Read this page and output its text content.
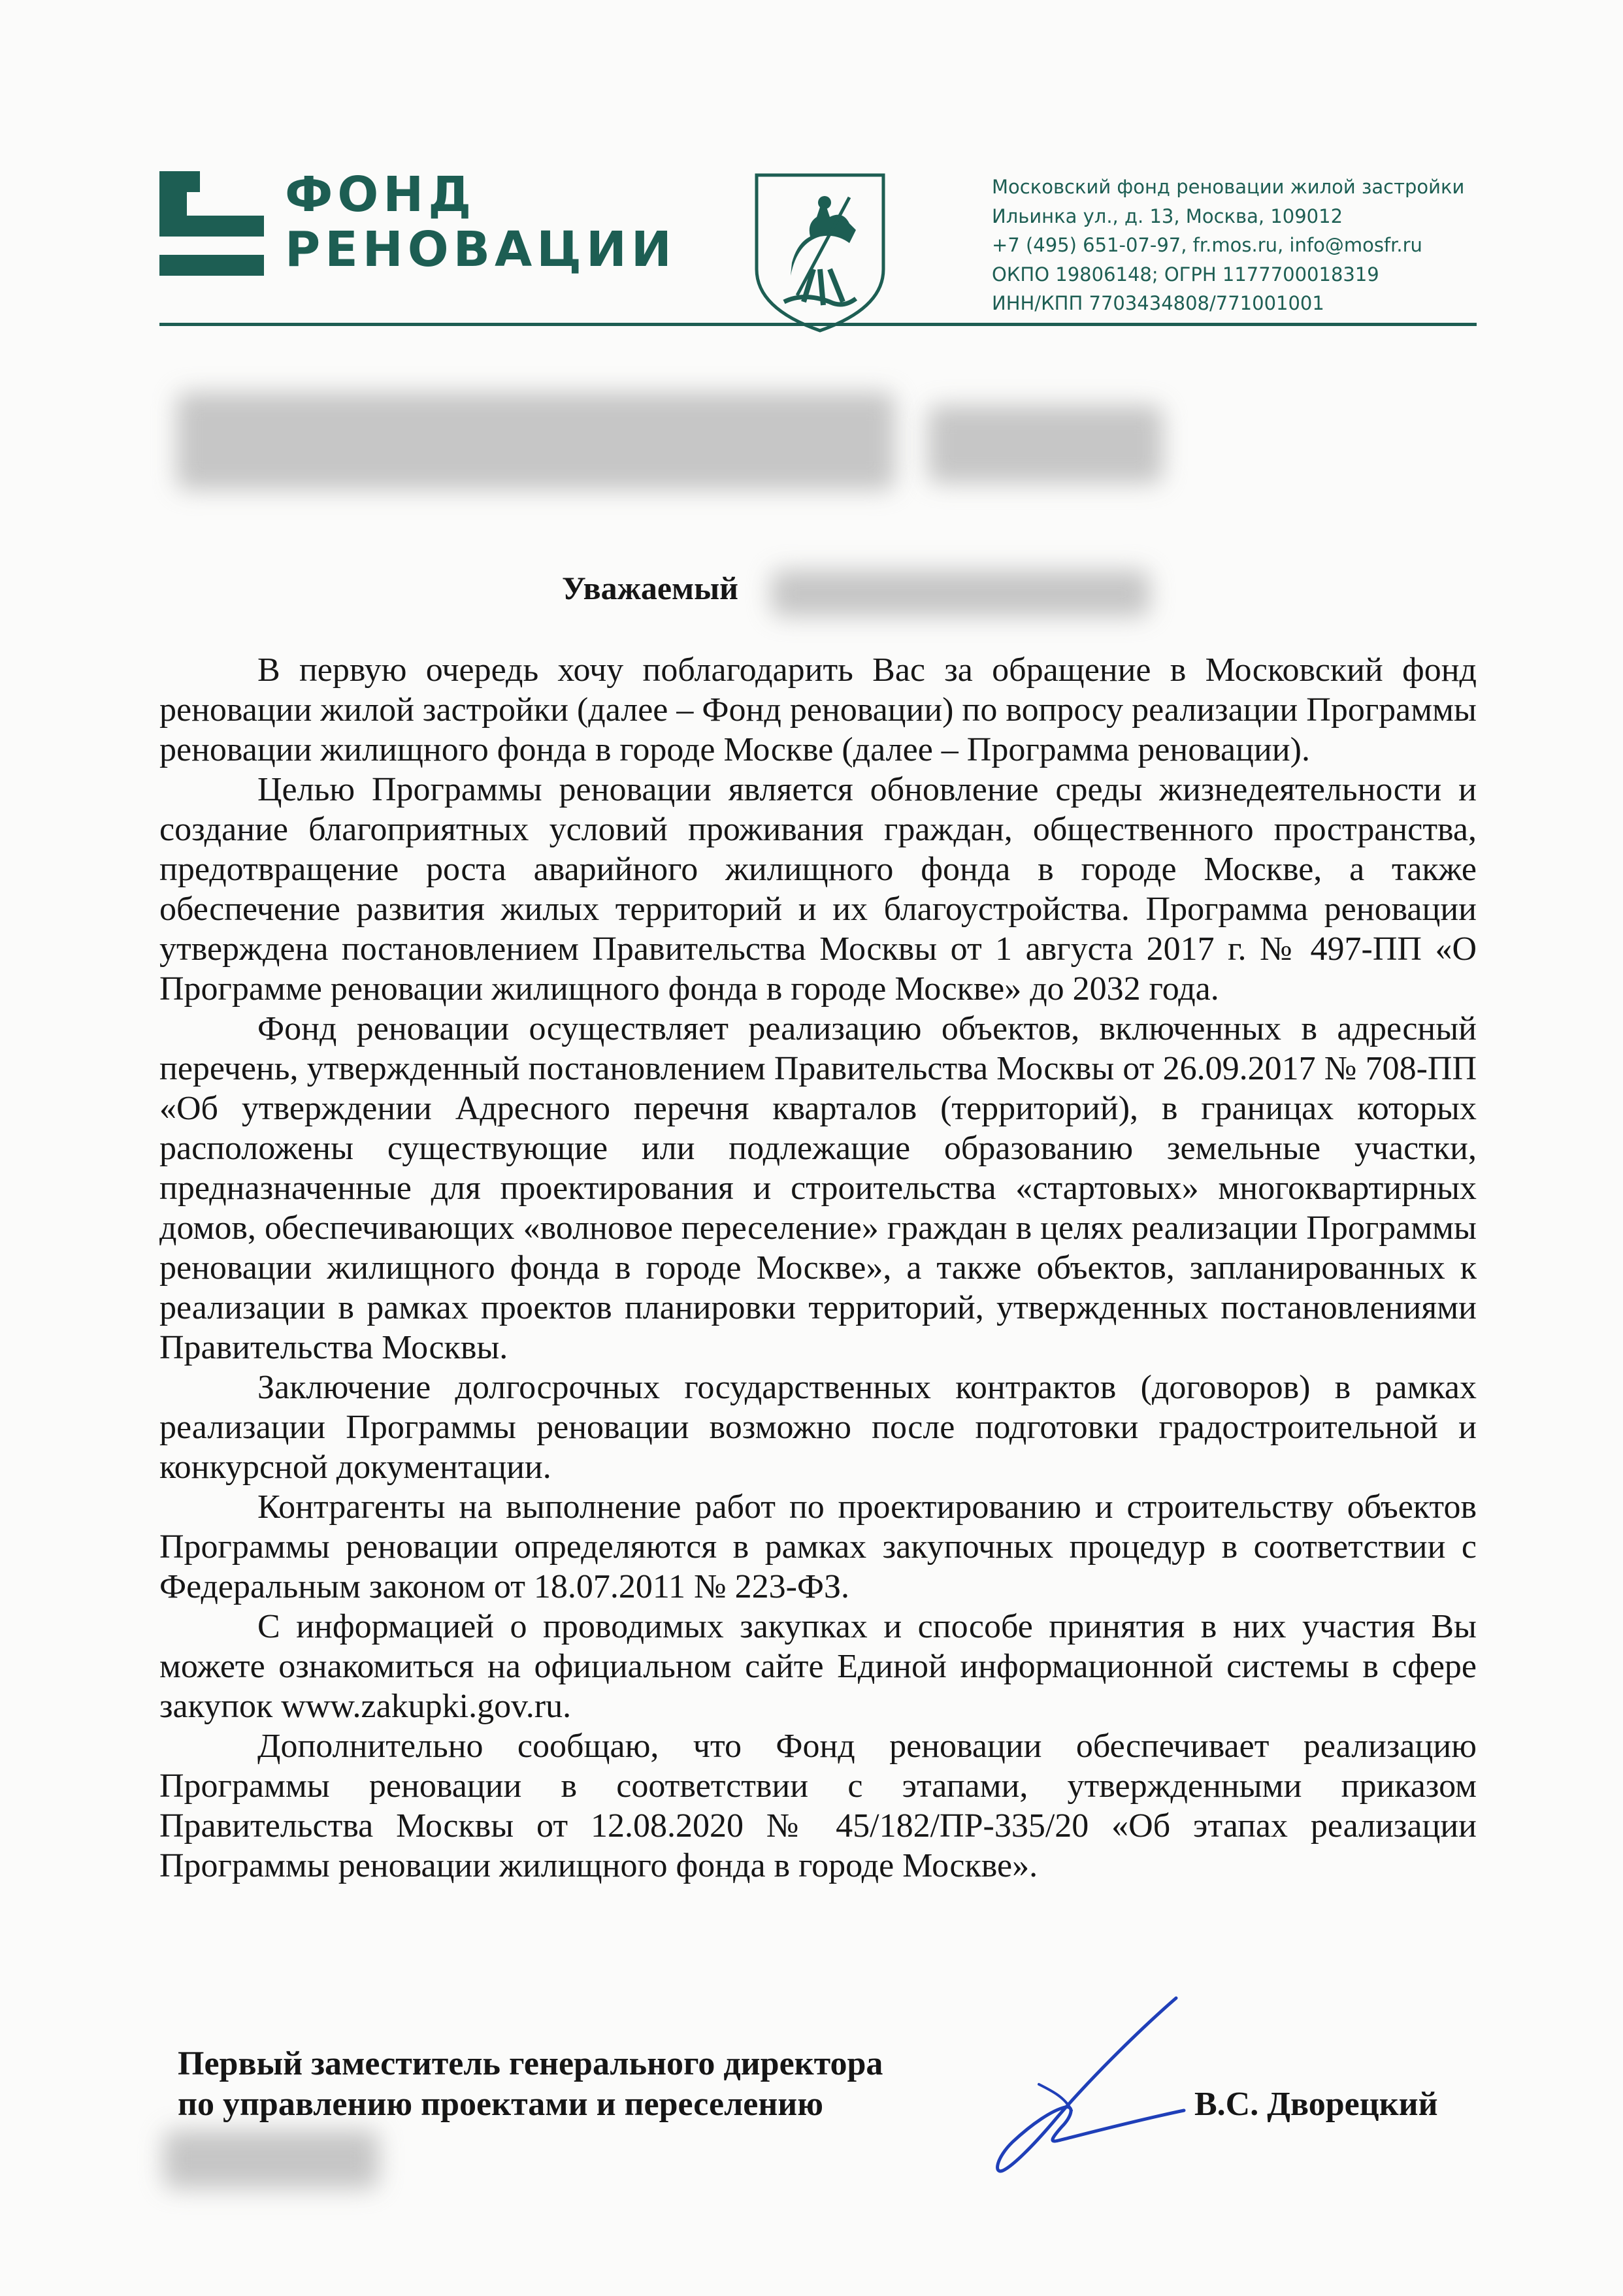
ФОНД
РЕНОВАЦИИ
Московский фонд реновации жилой застройки
Ильинка ул., д. 13, Москва, 109012
+7 (495) 651-07-97, fr.mos.ru, info@mosfr.ru
ОКПО 19806148; ОГРН 1177700018319
ИНН/КПП 7703434808/771001001
Уважаемый

В первую очередь хочу поблагодарить Вас за обращение в Московский фонд реновации жилой застройки (далее – Фонд реновации) по вопросу реализации Программы реновации жилищного фонда в городе Москве (далее – Программа реновации).

Целью Программы реновации является обновление среды жизнедеятельности и создание благоприятных условий проживания граждан, общественного пространства, предотвращение роста аварийного жилищного фонда в городе Москве, а также обеспечение развития жилых территорий и их благоустройства. Программа реновации утверждена постановлением Правительства Москвы от 1 августа 2017 г. № 497-ПП «О Программе реновации жилищного фонда в городе Москве» до 2032 года.

Фонд реновации осуществляет реализацию объектов, включенных в адресный перечень, утвержденный постановлением Правительства Москвы от 26.09.2017 № 708-ПП «Об утверждении Адресного перечня кварталов (территорий), в границах которых расположены существующие или подлежащие образованию земельные участки, предназначенные для проектирования и строительства «стартовых» многоквартирных домов, обеспечивающих «волновое переселение» граждан в целях реализации Программы реновации жилищного фонда в городе Москве», а также объектов, запланированных к реализации в рамках проектов планировки территорий, утвержденных постановлениями Правительства Москвы.

Заключение долгосрочных государственных контрактов (договоров) в рамках реализации Программы реновации возможно после подготовки градостроительной и конкурсной документации.

Контрагенты на выполнение работ по проектированию и строительству объектов Программы реновации определяются в рамках закупочных процедур в соответствии с Федеральным законом от 18.07.2011 № 223-ФЗ.

С информацией о проводимых закупках и способе принятия в них участия Вы можете ознакомиться на официальном сайте Единой информационной системы в сфере закупок www.zakupki.gov.ru.

Дополнительно сообщаю, что Фонд реновации обеспечивает реализацию Программы реновации в соответствии с этапами, утвержденными приказом Правительства Москвы от 12.08.2020 № 45/182/ПР-335/20 «Об этапах реализации Программы реновации жилищного фонда в городе Москве».

Первый заместитель генерального директора
по управлению проектами и переселению	В.С. Дворецкий
